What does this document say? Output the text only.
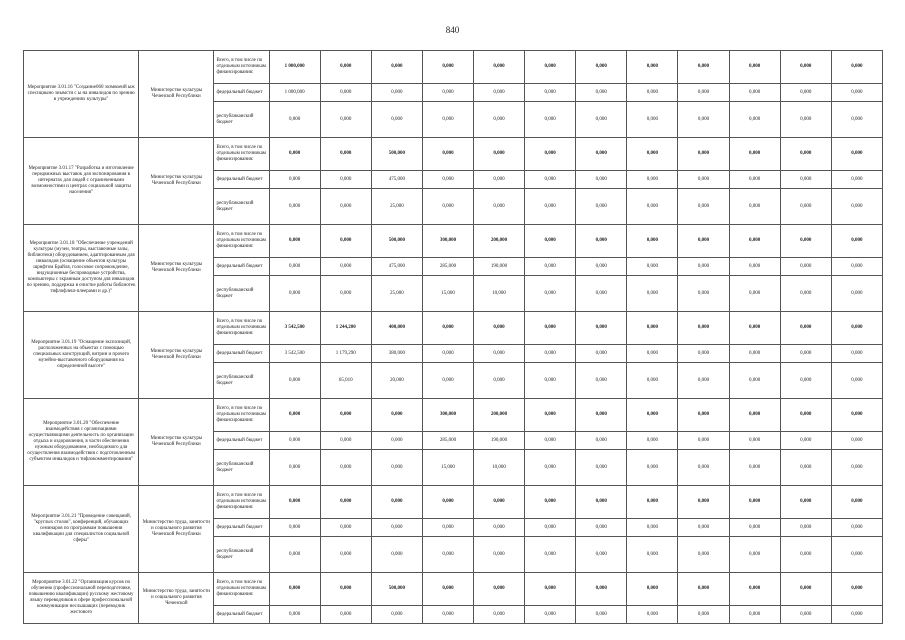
840
Мероприятие 3.01.16 "Создание060 зозмвоеий ыж спесициыно знымсти с ы на инвалидов по зрению в учреждениях культуры"	Министерство культуры Чеченской Республики	Всего, в том числе по отдельным источникам финансирования:	1 000,000	0,000	0,000	0,000	0,000	0,000	0,000	0,000	0,000	0,000	0,000	0,000
		федеральный бюджет	1 000,000	0,000	0,000	0,000	0,000	0,000	0,000	0,000	0,000	0,000	0,000	0,000
		республиканский бюджет	0,000	0,000	0,000	0,000	0,000	0,000	0,000	0,000	0,000	0,000	0,000	0,000
Мероприятие 3.01.17 "Разработка и изготовление передвижных выставок для экспонирования в интернатах для людей с ограниченными возможностями и центрах социальной защиты населения"	Министерство культуры Чеченской Республики	Всего, в том числе по отдельным источникам финансирования:	0,000	0,000	500,000	0,000	0,000	0,000	0,000	0,000	0,000	0,000	0,000	0,000
		федеральный бюджет	0,000	0,000	475,000	0,000	0,000	0,000	0,000	0,000	0,000	0,000	0,000	0,000
		республиканский бюджет	0,000	0,000	25,000	0,000	0,000	0,000	0,000	0,000	0,000	0,000	0,000	0,000
Мероприятие 3.01.18 "Обеспечение учреждений культуры (музеи, театры, выставочные залы, библиотеки) оборудованием, адаптированным для инвалидов (оснащение объектов культуры шрифтом Брайля, голосовое сопровождение, индукционные беспроводные устройства, компьютеры с экранным доступом для инвалидов по зрению, поддержка в очистке работы библиотек тифлофлеш-плеерами и др.)"	Министерство культуры Чеченской Республики	Всего, в том числе по отдельным источникам финансирования:	0,000	0,000	500,000	300,000	200,000	0,000	0,000	0,000	0,000	0,000	0,000	0,000
		федеральный бюджет	0,000	0,000	475,000	285,000	190,000	0,000	0,000	0,000	0,000	0,000	0,000	0,000
		республиканский бюджет	0,000	0,000	25,000	15,000	10,000	0,000	0,000	0,000	0,000	0,000	0,000	0,000
Мероприятие 3.01.19 "Оснащение экспозиций, расположенных на объектах с помощью специальных конструкций, витрин и прочего музейно-выставочного оборудования на определенной высоте"	Министерство культуры Чеченской Республики	Всего, в том числе по отдельным источникам финансирования:	3 542,500	1 244,200	400,000	0,000	0,000	0,000	0,000	0,000	0,000	0,000	0,000	0,000
		федеральный бюджет	3 542,500	1 179,290	380,000	0,000	0,000	0,000	0,000	0,000	0,000	0,000	0,000	0,000
		республиканский бюджет	0,000	65,010	20,000	0,000	0,000	0,000	0,000	0,000	0,000	0,000	0,000	0,000
Мероприятие 3.01.20 "Обеспечение взаимодействия с организациями осуществляющими деятельность по организации отдыха и оздоровления, в части обеспечения нужным оборудованием, необходимого для осуществления взаимодействия с подготовленным субъектом инвалидов и тифлокомментирования"	Министерство культуры Чеченской Республики	Всего, в том числе по отдельным источникам финансирования:	0,000	0,000	0,000	300,000	200,000	0,000	0,000	0,000	0,000	0,000	0,000	0,000
		федеральный бюджет	0,000	0,000	0,000	285,000	190,000	0,000	0,000	0,000	0,000	0,000	0,000	0,000
		республиканский бюджет	0,000	0,000	0,000	15,000	10,000	0,000	0,000	0,000	0,000	0,000	0,000	0,000
Мероприятие 3.01.21 "Проведение совещаний, "круглых столов", конференций, обучающих семинаров по программам повышения квалификации для специалистов социальной сферы"	Министерство труда, занятости и социального развития Чеченской Республики	Всего, в том числе по отдельным источникам финансирования:	0,000	0,000	0,000	0,000	0,000	0,000	0,000	0,000	0,000	0,000	0,000	0,000
		федеральный бюджет	0,000	0,000	0,000	0,000	0,000	0,000	0,000	0,000	0,000	0,000	0,000	0,000
		республиканский бюджет	0,000	0,000	0,000	0,000	0,000	0,000	0,000	0,000	0,000	0,000	0,000	0,000
Мероприятие 3.01.22 "Организация курсов по обучению (профессиональной переподготовке, повышению квалификации) русскому жестовому языку переводчиков в сфере профессиональной коммуникации неслышащих (переводчик жестового	Министерство труда, занятости и социального развития Чеченской	Всего, в том числе по отдельным источникам финансирования:	0,000	0,000	500,000	0,000	0,000	0,000	0,000	0,000	0,000	0,000	0,000	0,000
		федеральный бюджет	0,000	0,000	0,000	0,000	0,000	0,000	0,000	0,000	0,000	0,000	0,000	0,000
